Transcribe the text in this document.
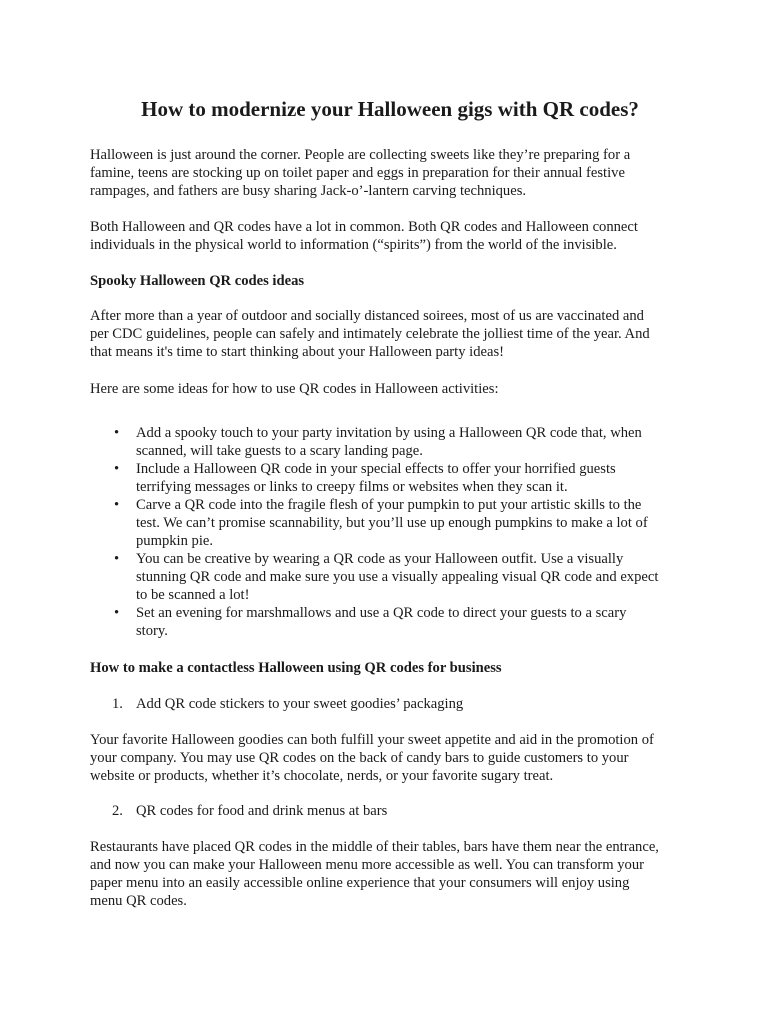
How to modernize your Halloween gigs with QR codes?

Halloween is just around the corner. People are collecting sweets like they’re preparing for a
famine, teens are stocking up on toilet paper and eggs in preparation for their annual festive
rampages, and fathers are busy sharing Jack-o’-lantern carving techniques.

Both Halloween and QR codes have a lot in common. Both QR codes and Halloween connect
individuals in the physical world to information (“spirits”) from the world of the invisible.

Spooky Halloween QR codes ideas

After more than a year of outdoor and socially distanced soirees, most of us are vaccinated and
per CDC guidelines, people can safely and intimately celebrate the jolliest time of the year. And
that means it's time to start thinking about your Halloween party ideas!

Here are some ideas for how to use QR codes in Halloween activities:

• Add a spooky touch to your party invitation by using a Halloween QR code that, when
scanned, will take guests to a scary landing page.
• Include a Halloween QR code in your special effects to offer your horrified guests
terrifying messages or links to creepy films or websites when they scan it.
• Carve a QR code into the fragile flesh of your pumpkin to put your artistic skills to the
test. We can’t promise scannability, but you’ll use up enough pumpkins to make a lot of
pumpkin pie.
• You can be creative by wearing a QR code as your Halloween outfit. Use a visually
stunning QR code and make sure you use a visually appealing visual QR code and expect
to be scanned a lot!
• Set an evening for marshmallows and use a QR code to direct your guests to a scary
story.

How to make a contactless Halloween using QR codes for business

1. Add QR code stickers to your sweet goodies’ packaging

Your favorite Halloween goodies can both fulfill your sweet appetite and aid in the promotion of
your company. You may use QR codes on the back of candy bars to guide customers to your
website or products, whether it’s chocolate, nerds, or your favorite sugary treat.

2. QR codes for food and drink menus at bars

Restaurants have placed QR codes in the middle of their tables, bars have them near the entrance,
and now you can make your Halloween menu more accessible as well. You can transform your
paper menu into an easily accessible online experience that your consumers will enjoy using
menu QR codes.
